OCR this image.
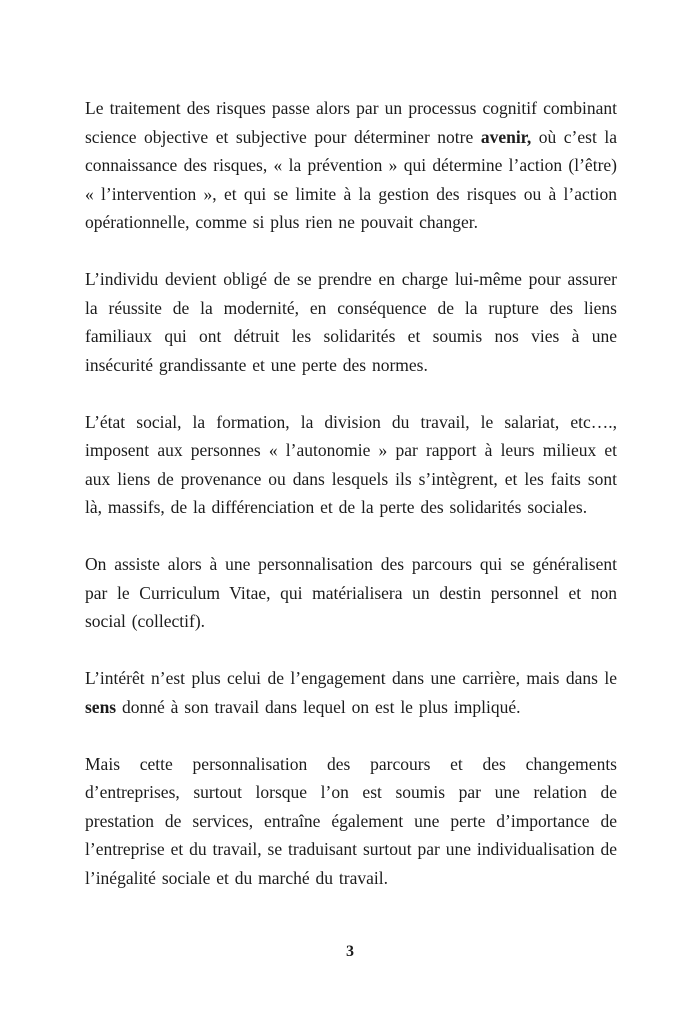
Le traitement des risques passe alors par un processus cognitif combinant science objective et subjective pour déterminer notre avenir, où c’est la connaissance des risques, « la prévention » qui détermine l’action (l’être) « l’intervention », et qui se limite à la gestion des risques ou à l’action opérationnelle, comme si plus rien ne pouvait changer.

L’individu devient obligé de se prendre en charge lui-même pour assurer la réussite de la modernité, en conséquence de la rupture des liens familiaux qui ont détruit les solidarités et soumis nos vies à une insécurité grandissante et une perte des normes.

L’état social, la formation, la division du travail, le salariat, etc…., imposent aux personnes « l’autonomie » par rapport à leurs milieux et aux liens de provenance ou dans lesquels ils s’intègrent, et les faits sont là, massifs, de la différenciation et de la perte des solidarités sociales.

On assiste alors à une personnalisation des parcours qui se généralisent par le Curriculum Vitae, qui matérialisera un destin personnel et non social (collectif).

L’intérêt n’est plus celui de l’engagement dans une carrière, mais dans le sens donné à son travail dans lequel on est le plus impliqué.

Mais cette personnalisation des parcours et des changements d’entreprises, surtout lorsque l’on est soumis par une relation de prestation de services, entraîne également une perte d’importance de l’entreprise et du travail, se traduisant surtout par une individualisation de l’inégalité sociale et du marché du travail.

3
